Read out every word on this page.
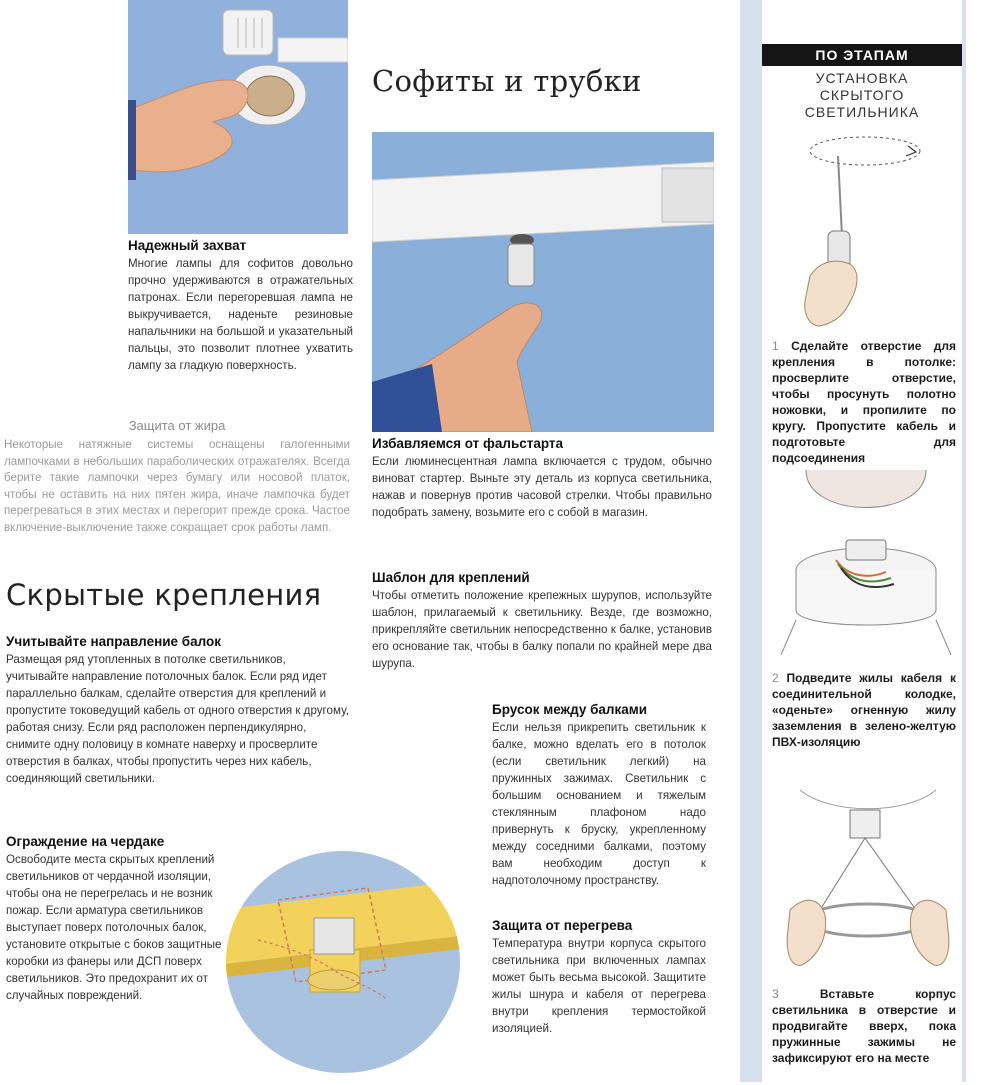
Надежный захват

Многие лампы для софитов довольно прочно удерживаются в отражательных патронах. Если перегоревшая лампа не выкручивается, наденьте резиновые напальчники на большой и указательный пальцы, это позволит плотнее ухватить лампу за гладкую поверхность.

Защита от жира
Некоторые натяжные системы оснащены галогенными лампочками в небольших параболических отражателях. Всегда берите такие лампочки через бумагу или носовой платок, чтобы не оставить на них пятен жира, иначе лампочка будет перегреваться в этих местах и перегорит прежде срока. Частое включение-выключение также сокращает срок работы ламп.
Скрытые крепления

Учитывайте направление балок

Размещая ряд утопленных в потолке светильников, учитывайте направление потолочных балок. Если ряд идет параллельно балкам, сделайте отверстия для креплений и пропустите токоведущий кабель от одного отверстия к другому, работая снизу. Если ряд расположен перпендикулярно, снимите одну половицу в комнате наверху и просверлите отверстия в балках, чтобы пропустить через них кабель, соединяющий светильники.

Ограждение на чердаке

Освободите места скрытых креплений светильников от чердачной изоляции, чтобы она не перегрелась и не возник пожар. Если арматура светильников выступает поверх потолочных балок, установите открытые с боков защитные коробки из фанеры или ДСП поверх светильников. Это предохранит их от случайных повреждений.

Софиты и трубки

Избавляемся от фальстарта

Если люминесцентная лампа включается с трудом, обычно виноват стартер. Выньте эту деталь из корпуса светильника, нажав и повернув против часовой стрелки. Чтобы правильно подобрать замену, возьмите его с собой в магазин.

Шаблон для креплений

Чтобы отметить положение крепежных шурупов, используйте шаблон, прилагаемый к светильнику. Везде, где возможно, прикрепляйте светильник непосредственно к балке, установив его основание так, чтобы в балку попали по крайней мере два шурупа.

Брусок между балками

Если нельзя прикрепить светильник к балке, можно вделать его в потолок (если светильник легкий) на пружинных зажимах. Светильник с большим основанием и тяжелым стеклянным плафоном надо привернуть к бруску, укрепленному между соседними балками, поэтому вам необходим доступ к надпотолочному пространству.

Защита от перегрева

Температура внутри корпуса скрытого светильника при включенных лампах может быть весьма высокой. Защитите жилы шнура и кабеля от перегрева внутри крепления термостойкой изоляцией.

ПО ЭТАПАМ
УСТАНОВКА
СКРЫТОГО
СВЕТИЛЬНИКА
1 Сделайте отверстие для крепления в потолке: просверлите отверстие, чтобы просунуть полотно ножовки, и пропилите по кругу. Пропустите кабель и подготовьте для подсоединения
2 Подведите жилы кабеля к соединительной колодке, «оденьте» огненную жилу заземления в зелено-желтую ПВХ-изоляцию
3	Вставьте корпус светильника в отверстие и продвигайте вверх, пока пружинные зажимы не зафиксируют его на месте
